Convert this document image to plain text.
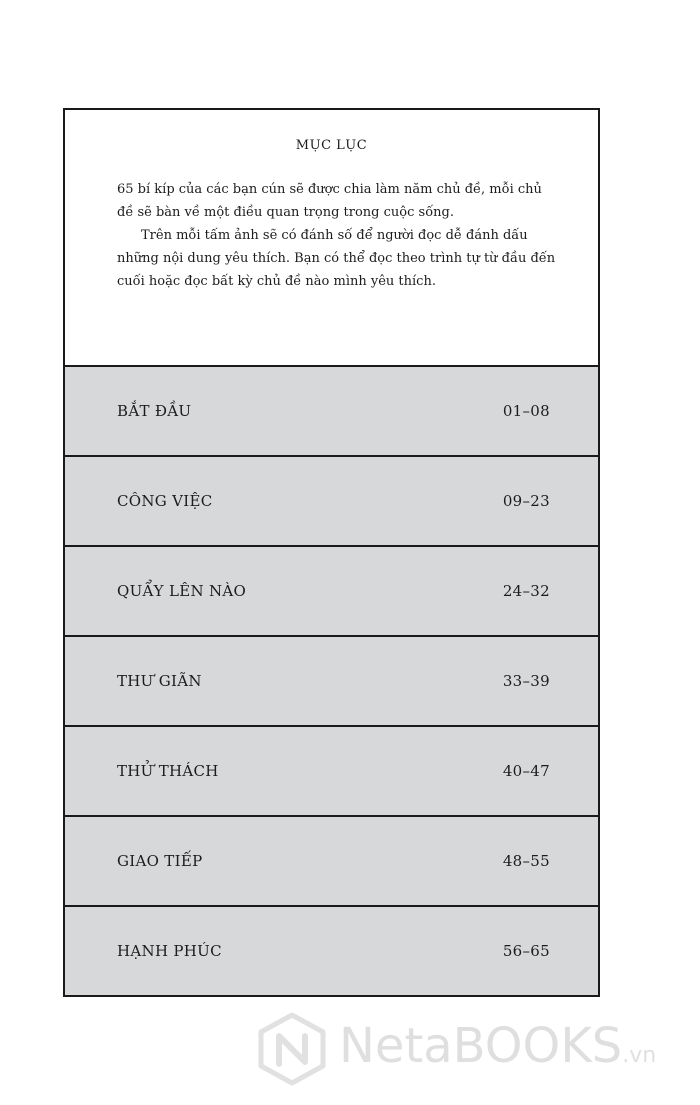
MỤC LỤC

65 bí kíp của các bạn cún sẽ được chia làm năm chủ đề, mỗi chủ đề sẽ bàn về một điều quan trọng trong cuộc sống.

Trên mỗi tấm ảnh sẽ có đánh số để người đọc dễ đánh dấu những nội dung yêu thích. Bạn có thể đọc theo trình tự từ đầu đến cuối hoặc đọc bất kỳ chủ đề nào mình yêu thích.

BẮT ĐẦU	01–08
CÔNG VIỆC	09–23
QUẨY LÊN NÀO	24–32
THƯ GIÃN	33–39
THỬ THÁCH	40–47
GIAO TIẾP	48–55
HẠNH PHÚC	56–65
NetaBOOKS.vn
